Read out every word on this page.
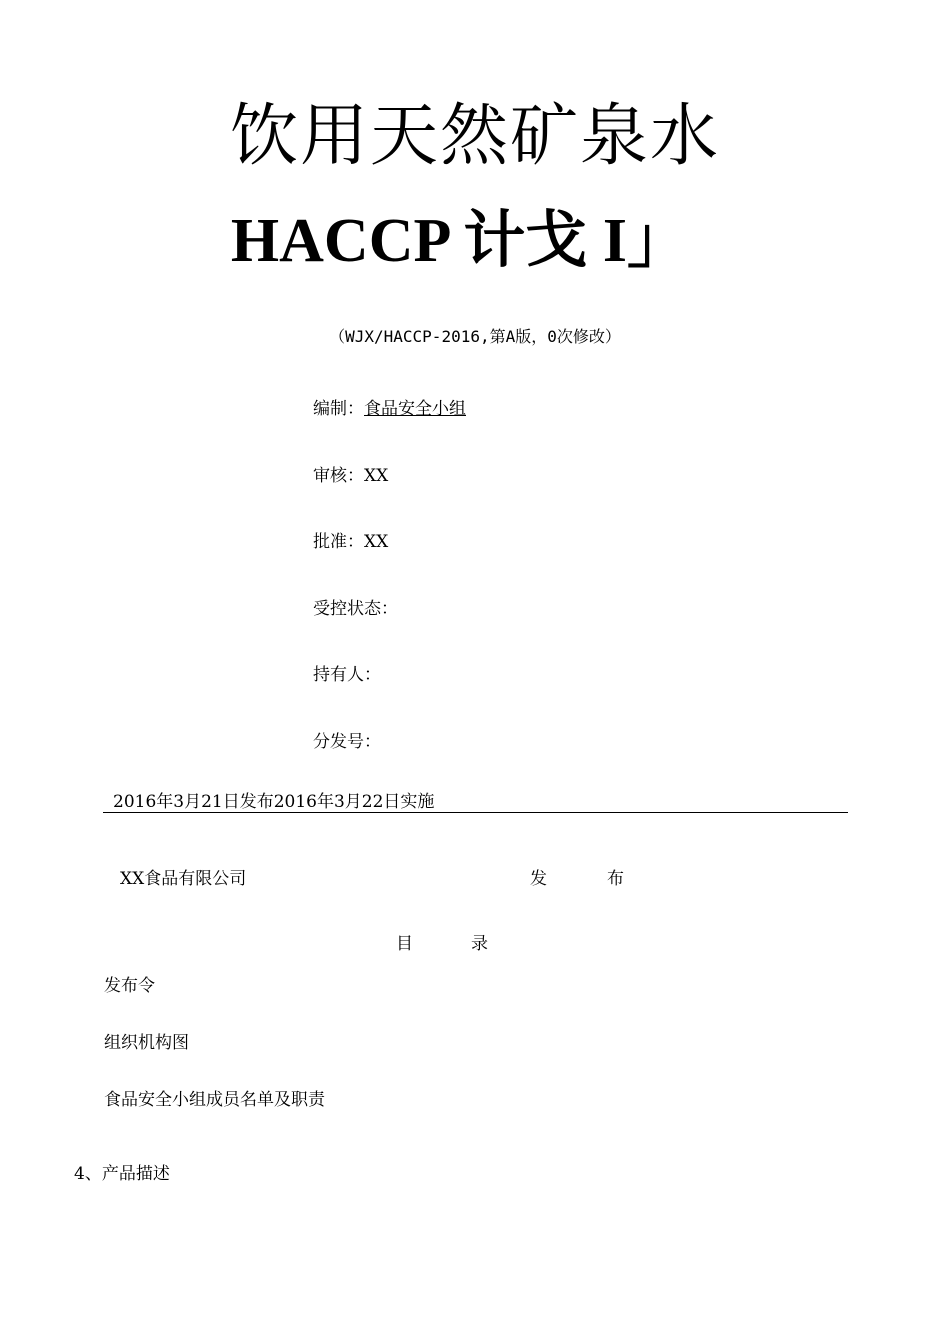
饮用天然矿泉水
HACCP 计戈 I」
（WJX/HACCP-2016,第A版，0次修改）
编制：食品安全小组
审核：XX
批准：XX
受控状态：
持有人：
分发号：
2016年3月21日发布2016年3月22日实施
XX食品有限公司	发	布
目	录
发布令
组织机构图
食品安全小组成员名单及职责
4、产品描述
